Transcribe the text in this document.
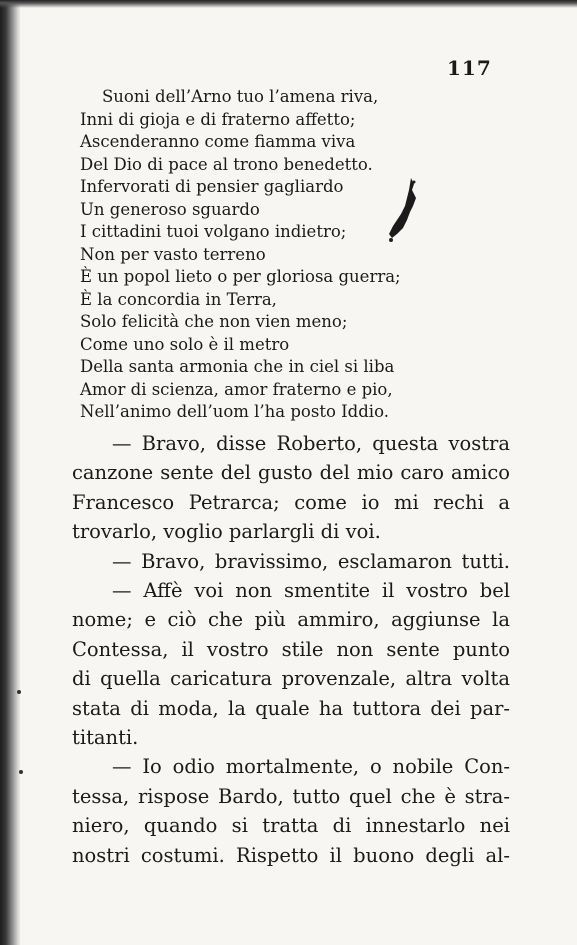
117
Suoni dell’Arno tuo l’amena riva,
Inni di gioja e di fraterno affetto;
Ascenderanno come fiamma viva
Del Dio di pace al trono benedetto.
Infervorati di pensier gagliardo
Un generoso sguardo
I cittadini tuoi volgano indietro;
Non per vasto terreno
È un popol lieto o per gloriosa guerra;
È la concordia in Terra,
Solo felicità che non vien meno;
Come uno solo è il metro
Della santa armonia che in ciel si liba
Amor di scienza, amor fraterno e pio,
Nell’animo dell’uom l’ha posto Iddio.
— Bravo, disse Roberto, questa vostra
canzone sente del gusto del mio caro amico
Francesco Petrarca; come io mi rechi a
trovarlo, voglio parlargli di voi.
— Bravo, bravissimo, esclamaron tutti.
— Affè voi non smentite il vostro bel
nome; e ciò che più ammiro, aggiunse la
Contessa, il vostro stile non sente punto
di quella caricatura provenzale, altra volta
stata di moda, la quale ha tuttora dei par-
titanti.
— Io odio mortalmente, o nobile Con-
tessa, rispose Bardo, tutto quel che è stra-
niero, quando si tratta di innestarlo nei
nostri costumi. Rispetto il buono degli al-
